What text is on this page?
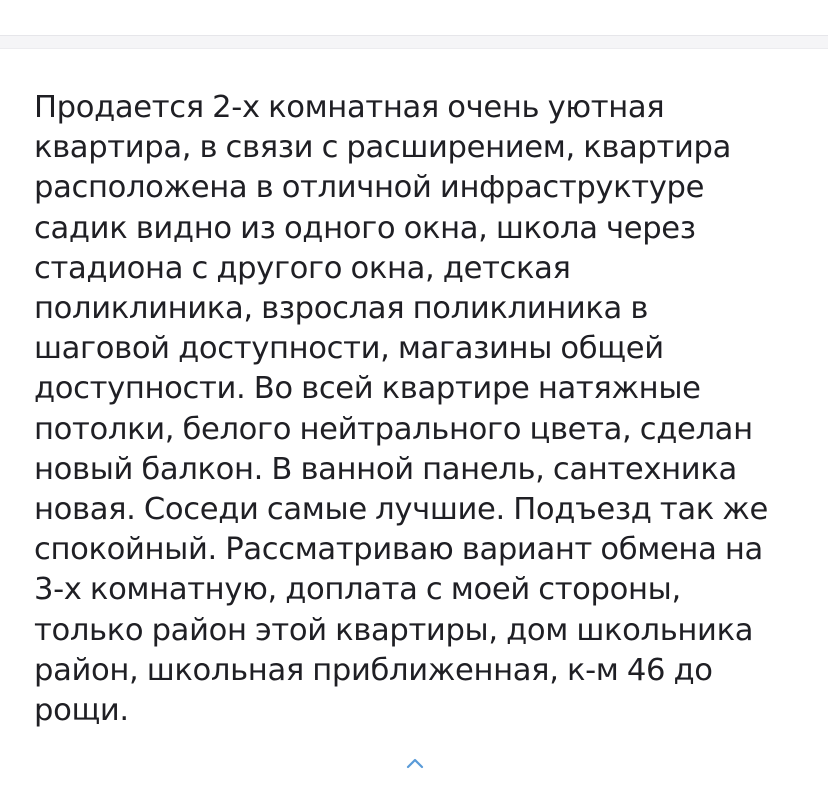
Продается 2-х комнатная очень уютная
квартира, в связи с расширением, квартира
расположена в отличной инфраструктуре
садик видно из одного окна, школа через
стадиона с другого окна, детская
поликлиника, взрослая поликлиника в
шаговой доступности, магазины общей
доступности. Во всей квартире натяжные
потолки, белого нейтрального цвета, сделан
новый балкон. В ванной панель, сантехника
новая. Соседи самые лучшие. Подъезд так же
спокойный. Рассматриваю вариант обмена на
3-х комнатную, доплата с моей стороны,
только район этой квартиры, дом школьника
район, школьная приближенная, к-м 46 до
рощи.
